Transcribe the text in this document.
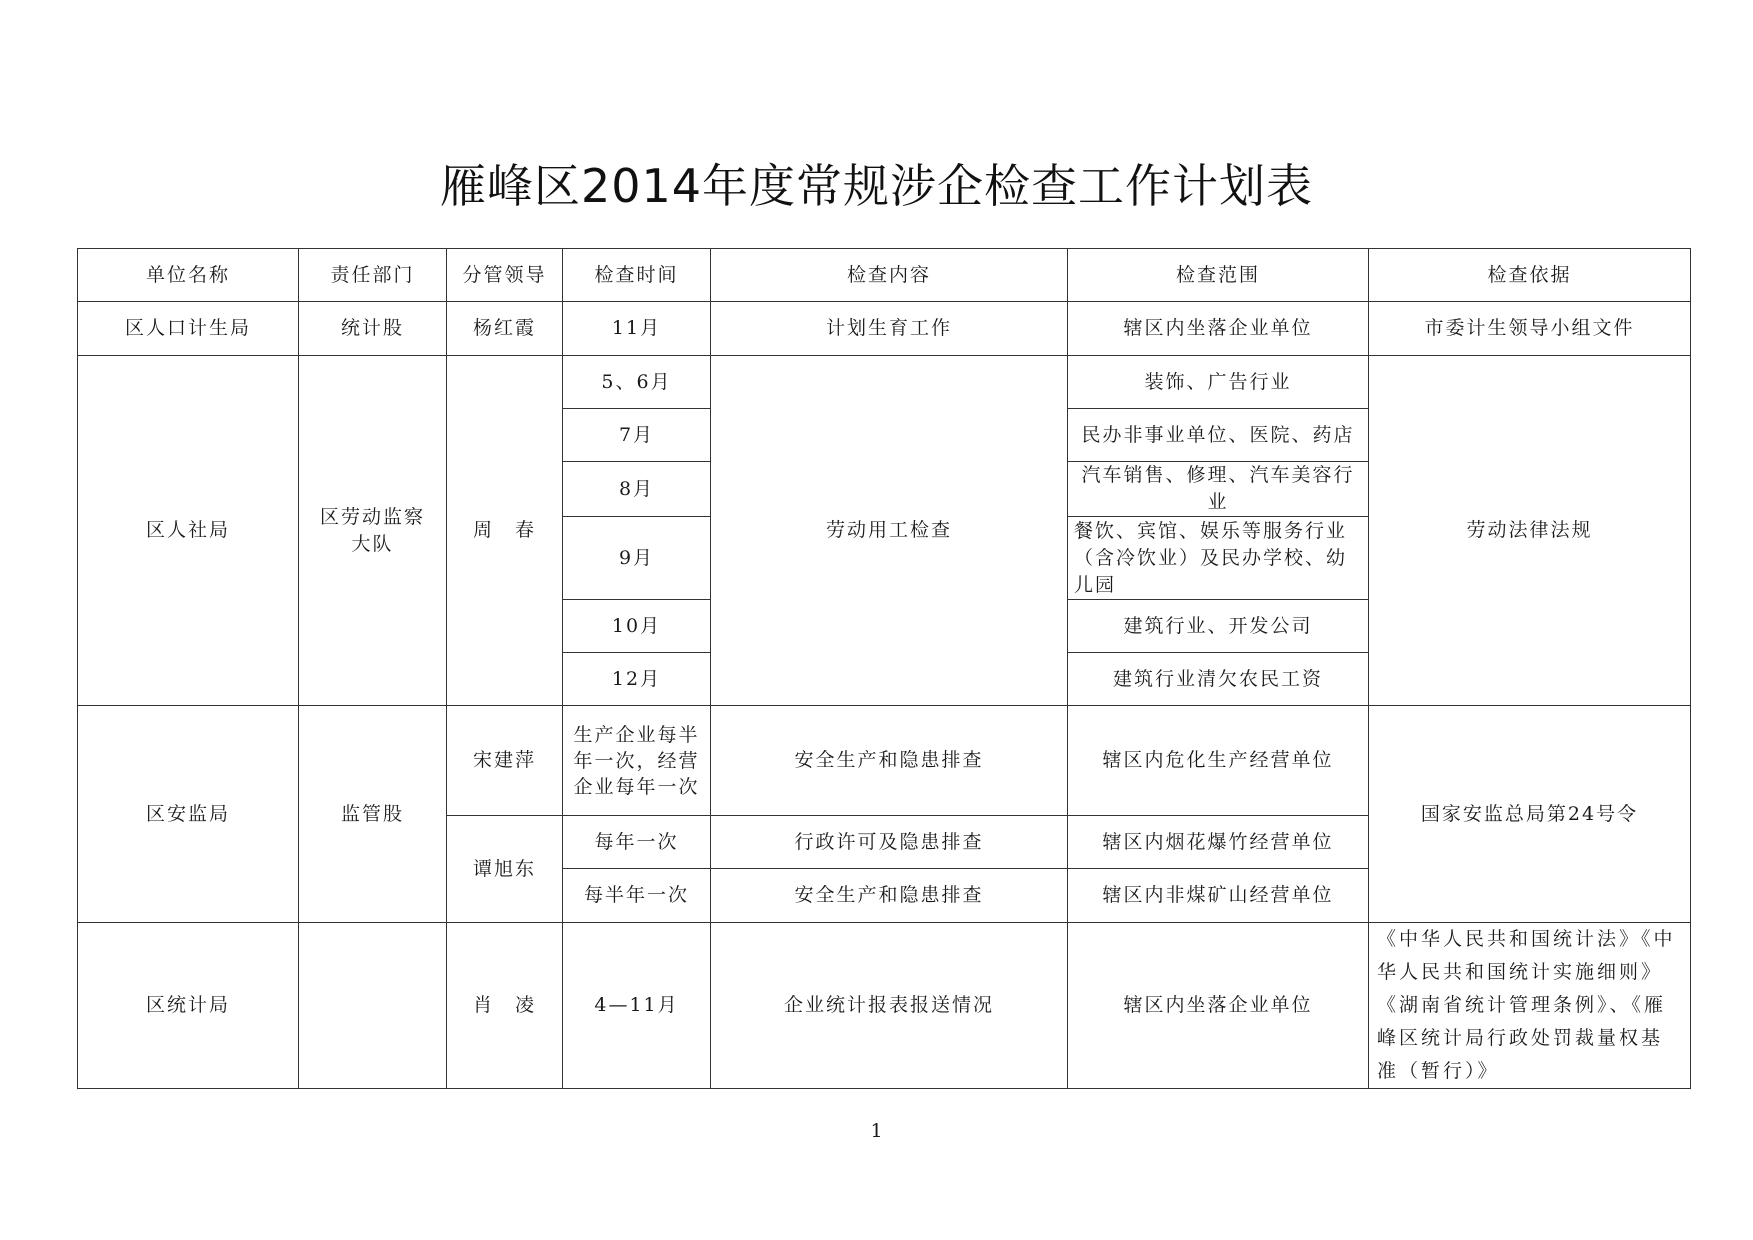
雁峰区2014年度常规涉企检查工作计划表
单位名称	责任部门	分管领导	检查时间	检查内容	检查范围	检查依据
区人口计生局	统计股	杨红霞	11月	计划生育工作	辖区内坐落企业单位	市委计生领导小组文件
区人社局	区劳动监察大队	周　春	5、6月	劳动用工检查	装饰、广告行业	劳动法律法规
			7月		民办非事业单位、医院、药店	
			8月		汽车销售、修理、汽车美容行业	
			9月		餐饮、宾馆、娱乐等服务行业（含冷饮业）及民办学校、幼儿园	
			10月		建筑行业、开发公司	
			12月		建筑行业清欠农民工资	
区安监局	监管股	宋建萍	生产企业每半年一次，经营企业每年一次	安全生产和隐患排查	辖区内危化生产经营单位	国家安监总局第24号令
		谭旭东	每年一次	行政许可及隐患排查	辖区内烟花爆竹经营单位	
			每半年一次	安全生产和隐患排查	辖区内非煤矿山经营单位	
区统计局		肖　凌	4—11月	企业统计报表报送情况	辖区内坐落企业单位	《中华人民共和国统计法》《中华人民共和国统计实施细则》《湖南省统计管理条例》、《雁峰区统计局行政处罚裁量权基准（暂行）》
1
